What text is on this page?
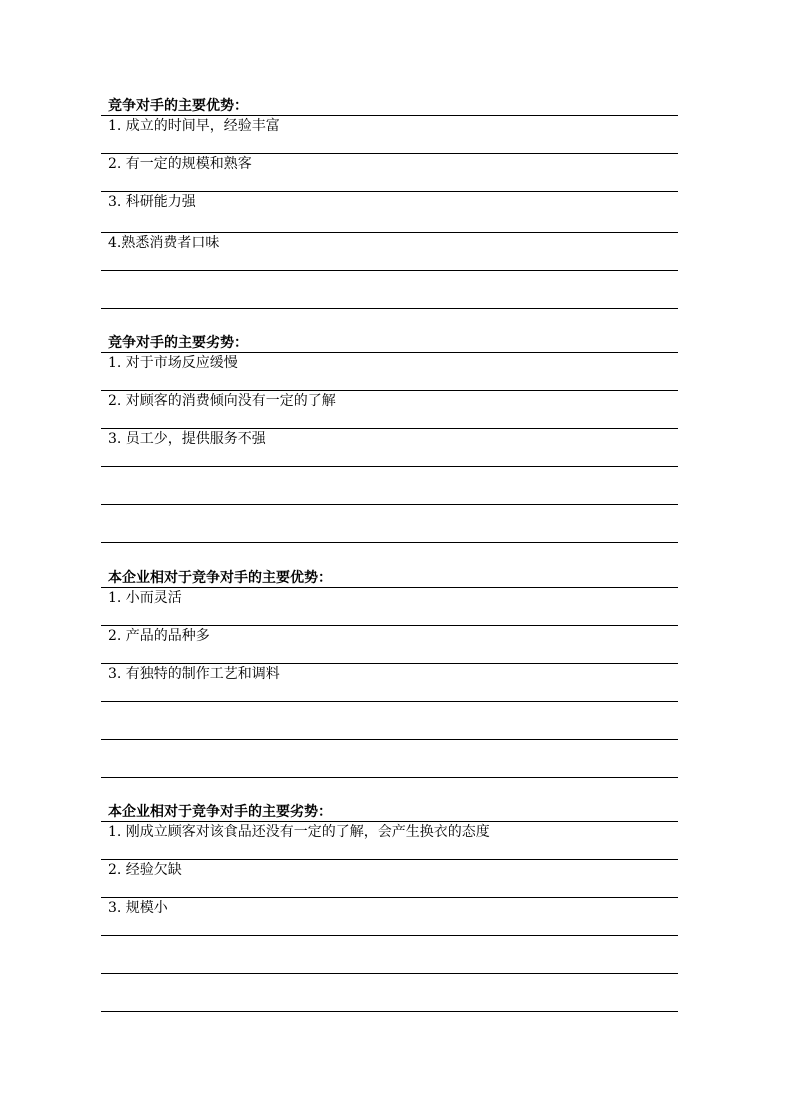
竞争对手的主要优势：
1. 成立的时间早，经验丰富
2. 有一定的规模和熟客
3. 科研能力强
4.熟悉消费者口味
竞争对手的主要劣势：
1. 对于市场反应缓慢
2. 对顾客的消费倾向没有一定的了解
3. 员工少，提供服务不强
本企业相对于竞争对手的主要优势：
1. 小而灵活
2. 产品的品种多
3. 有独特的制作工艺和调料
本企业相对于竞争对手的主要劣势：
1. 刚成立顾客对该食品还没有一定的了解，会产生换衣的态度
2. 经验欠缺
3. 规模小
